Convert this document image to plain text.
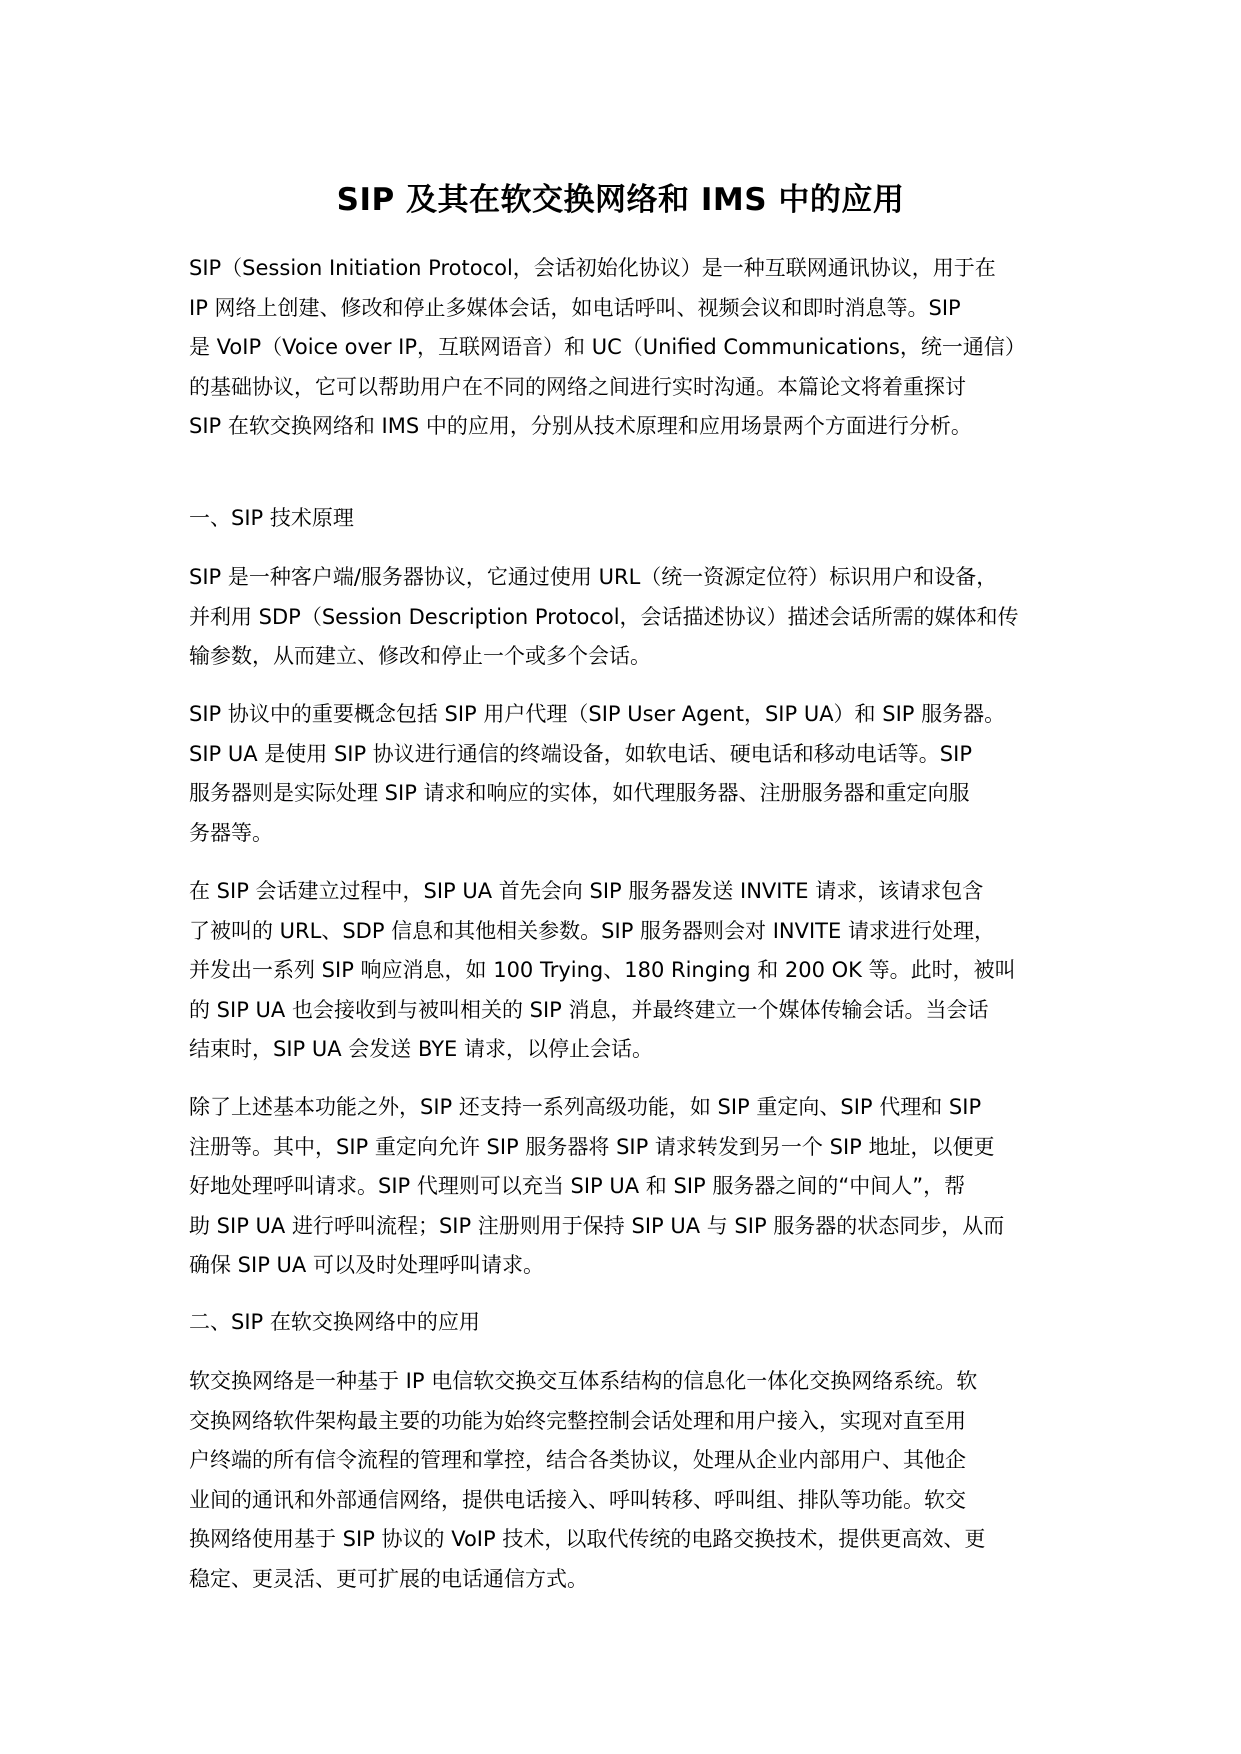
SIP 及其在软交换网络和 IMS 中的应用

SIP（Session Initiation Protocol，会话初始化协议）是一种互联网通讯协议，用于在
IP 网络上创建、修改和停止多媒体会话，如电话呼叫、视频会议和即时消息等。SIP
是 VoIP（Voice over IP，互联网语音）和 UC（Unified Communications，统一通信）
的基础协议，它可以帮助用户在不同的网络之间进行实时沟通。本篇论文将着重探讨
SIP 在软交换网络和 IMS 中的应用，分别从技术原理和应用场景两个方面进行分析。

一、SIP 技术原理

SIP 是一种客户端/服务器协议，它通过使用 URL（统一资源定位符）标识用户和设备，
并利用 SDP（Session Description Protocol，会话描述协议）描述会话所需的媒体和传
输参数，从而建立、修改和停止一个或多个会话。

SIP 协议中的重要概念包括 SIP 用户代理（SIP User Agent，SIP UA）和 SIP 服务器。
SIP UA 是使用 SIP 协议进行通信的终端设备，如软电话、硬电话和移动电话等。SIP
服务器则是实际处理 SIP 请求和响应的实体，如代理服务器、注册服务器和重定向服
务器等。

在 SIP 会话建立过程中，SIP UA 首先会向 SIP 服务器发送 INVITE 请求，该请求包含
了被叫的 URL、SDP 信息和其他相关参数。SIP 服务器则会对 INVITE 请求进行处理，
并发出一系列 SIP 响应消息，如 100 Trying、180 Ringing 和 200 OK 等。此时，被叫
的 SIP UA 也会接收到与被叫相关的 SIP 消息，并最终建立一个媒体传输会话。当会话
结束时，SIP UA 会发送 BYE 请求，以停止会话。

除了上述基本功能之外，SIP 还支持一系列高级功能，如 SIP 重定向、SIP 代理和 SIP
注册等。其中，SIP 重定向允许 SIP 服务器将 SIP 请求转发到另一个 SIP 地址，以便更
好地处理呼叫请求。SIP 代理则可以充当 SIP UA 和 SIP 服务器之间的“中间人”，帮
助 SIP UA 进行呼叫流程；SIP 注册则用于保持 SIP UA 与 SIP 服务器的状态同步，从而
确保 SIP UA 可以及时处理呼叫请求。

二、SIP 在软交换网络中的应用

软交换网络是一种基于 IP 电信软交换交互体系结构的信息化一体化交换网络系统。软
交换网络软件架构最主要的功能为始终完整控制会话处理和用户接入，实现对直至用
户终端的所有信令流程的管理和掌控，结合各类协议，处理从企业内部用户、其他企
业间的通讯和外部通信网络，提供电话接入、呼叫转移、呼叫组、排队等功能。软交
换网络使用基于 SIP 协议的 VoIP 技术，以取代传统的电路交换技术，提供更高效、更
稳定、更灵活、更可扩展的电话通信方式。
